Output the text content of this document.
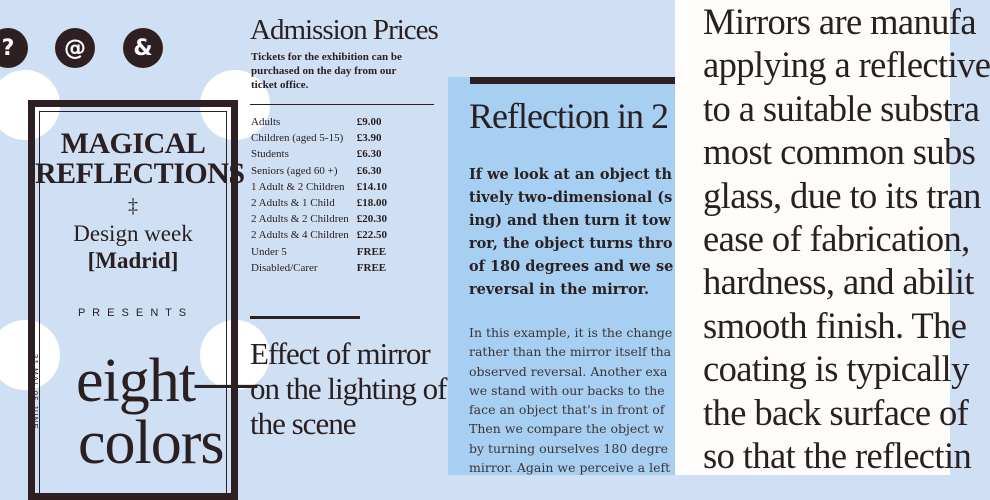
? @ &
MAGICAL
REFLECTIONS
‡
Design week
[Madrid]
P R E S E N T S
31 MAI–05 JUNE eight—
colors
Admission Prices
Tickets for the exhibition can be purchased on the day from our ticket office.
Adults	£9.00
Children (aged 5-15)	£3.90
Students	£6.30
Seniors (aged 60 +)	£6.30
1 Adult & 2 Children	£14.10
2 Adults & 1 Child	£18.00
2 Adults & 2 Children	£20.30
2 Adults & 4 Children	£22.50
Under 5	FREE
Disabled/Carer	FREE
Effect of mirror on the lighting of the scene
Reflection in 2
If we look at an object th
tively two-dimensional (s
ing) and then turn it tow
ror, the object turns thro
of 180 degrees and we se
reversal in the mirror.
In this example, it is the change
rather than the mirror itself tha
observed reversal. Another exa
we stand with our backs to the
face an object that's in front of
Then we compare the object w
by turning ourselves 180 degre
mirror. Again we perceive a left
Mirrors are manufa
applying a reflective
to a suitable substra
most common subs
glass, due to its tran
ease of fabrication,
hardness, and abilit
smooth finish. The
coating is typically
the back surface of
so that the reflectin
